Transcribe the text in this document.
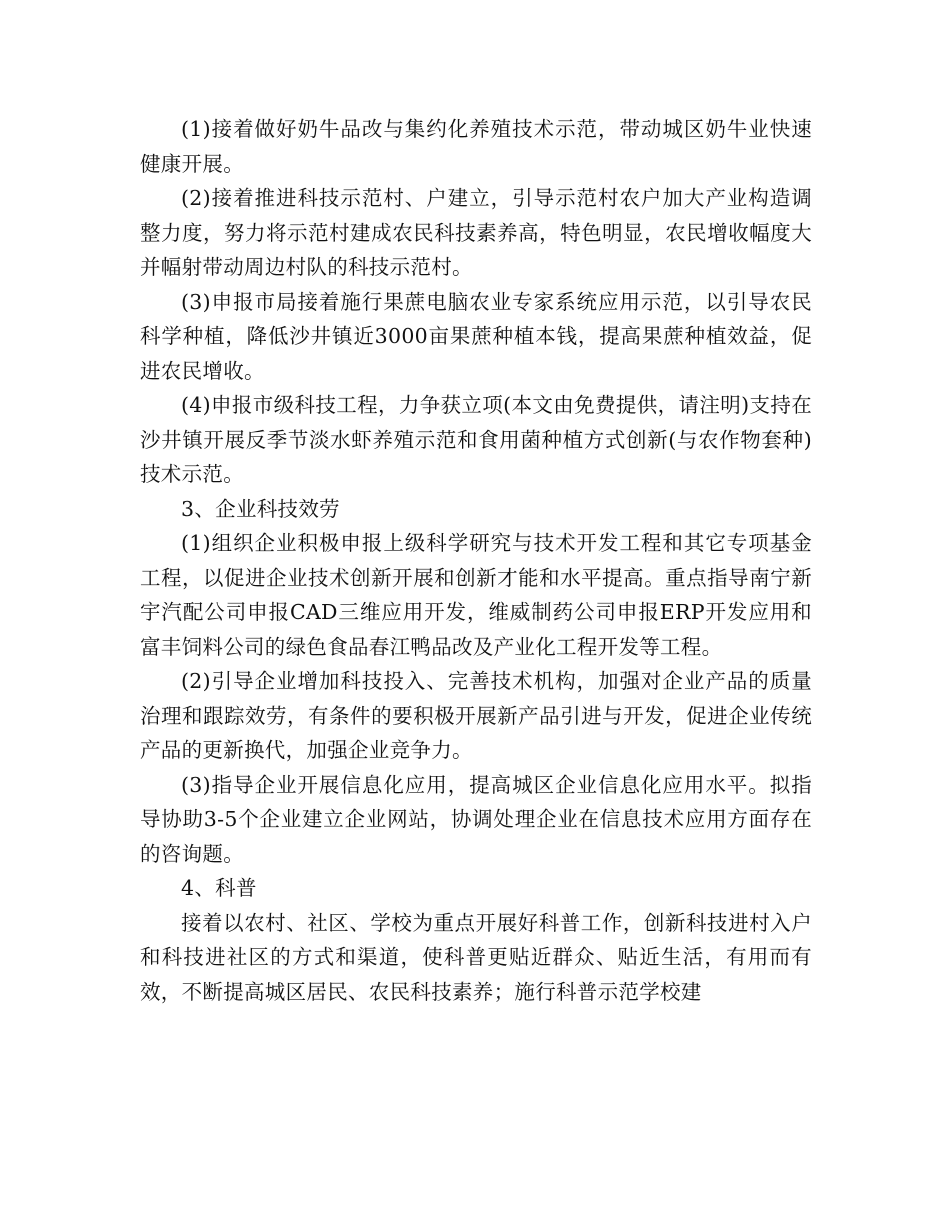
(1)接着做好奶牛品改与集约化养殖技术示范，带动城区奶牛业快速健康开展。

(2)接着推进科技示范村、户建立，引导示范村农户加大产业构造调整力度，努力将示范村建成农民科技素养高，特色明显，农民增收幅度大并幅射带动周边村队的科技示范村。

(3)申报市局接着施行果蔗电脑农业专家系统应用示范，以引导农民科学种植，降低沙井镇近3000亩果蔗种植本钱，提高果蔗种植效益，促进农民增收。

(4)申报市级科技工程，力争获立项(本文由免费提供，请注明)支持在沙井镇开展反季节淡水虾养殖示范和食用菌种植方式创新(与农作物套种)技术示范。

3、企业科技效劳

(1)组织企业积极申报上级科学研究与技术开发工程和其它专项基金工程，以促进企业技术创新开展和创新才能和水平提高。重点指导南宁新宇汽配公司申报CAD三维应用开发，维威制药公司申报ERP开发应用和富丰饲料公司的绿色食品春江鸭品改及产业化工程开发等工程。

(2)引导企业增加科技投入、完善技术机构，加强对企业产品的质量治理和跟踪效劳，有条件的要积极开展新产品引进与开发，促进企业传统产品的更新换代，加强企业竞争力。

(3)指导企业开展信息化应用，提高城区企业信息化应用水平。拟指导协助3-5个企业建立企业网站，协调处理企业在信息技术应用方面存在的咨询题。

4、科普

接着以农村、社区、学校为重点开展好科普工作，创新科技进村入户和科技进社区的方式和渠道，使科普更贴近群众、贴近生活，有用而有效，不断提高城区居民、农民科技素养；施行科普示范学校建
